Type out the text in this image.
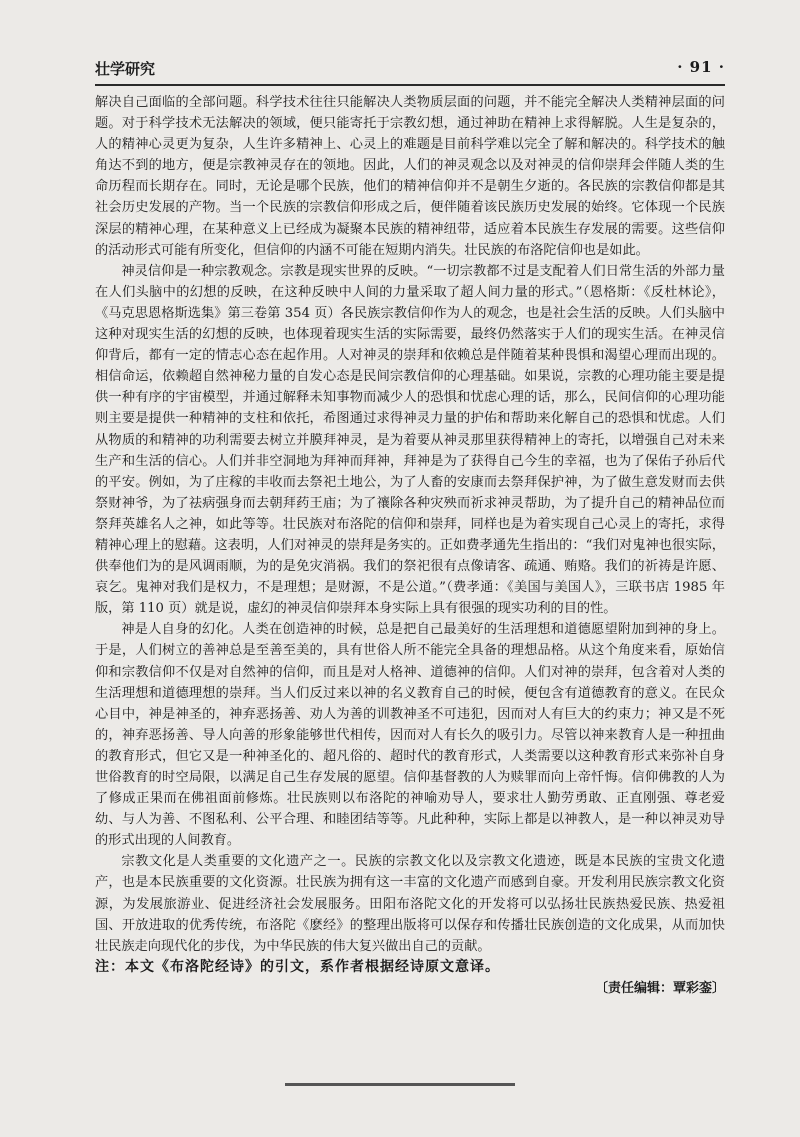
壮学研究	· 91 ·

解决自己面临的全部问题。科学技术往往只能解决人类物质层面的问题，并不能完全解决人类精神层面的问题。对于科学技术无法解决的领域，便只能寄托于宗教幻想，通过神助在精神上求得解脱。人生是复杂的，人的精神心灵更为复杂，人生许多精神上、心灵上的难题是目前科学难以完全了解和解决的。科学技术的触角达不到的地方，便是宗教神灵存在的领地。因此，人们的神灵观念以及对神灵的信仰崇拜会伴随人类的生命历程而长期存在。同时，无论是哪个民族，他们的精神信仰并不是朝生夕逝的。各民族的宗教信仰都是其社会历史发展的产物。当一个民族的宗教信仰形成之后，便伴随着该民族历史发展的始终。它体现一个民族深层的精神心理，在某种意义上已经成为凝聚本民族的精神纽带，适应着本民族生存发展的需要。这些信仰的活动形式可能有所变化，但信仰的内涵不可能在短期内消失。壮民族的布洛陀信仰也是如此。

神灵信仰是一种宗教观念。宗教是现实世界的反映。“一切宗教都不过是支配着人们日常生活的外部力量在人们头脑中的幻想的反映，在这种反映中人间的力量采取了超人间力量的形式。”（恩格斯：《反杜林论》，《马克思恩格斯选集》第三卷第 354 页）各民族宗教信仰作为人的观念，也是社会生活的反映。人们头脑中这种对现实生活的幻想的反映，也体现着现实生活的实际需要，最终仍然落实于人们的现实生活。在神灵信仰背后，都有一定的情志心态在起作用。人对神灵的崇拜和依赖总是伴随着某种畏惧和渴望心理而出现的。相信命运，依赖超自然神秘力量的自发心态是民间宗教信仰的心理基础。如果说，宗教的心理功能主要是提供一种有序的宇宙模型，并通过解释未知事物而减少人的恐惧和忧虑心理的话，那么，民间信仰的心理功能则主要是提供一种精神的支柱和依托，希图通过求得神灵力量的护佑和帮助来化解自己的恐惧和忧虑。人们从物质的和精神的功利需要去树立并膜拜神灵，是为着要从神灵那里获得精神上的寄托，以增强自己对未来生产和生活的信心。人们并非空洞地为拜神而拜神，拜神是为了获得自己今生的幸福，也为了保佑子孙后代的平安。例如，为了庄稼的丰收而去祭祀土地公，为了人畜的安康而去祭拜保护神，为了做生意发财而去供祭财神爷，为了祛病强身而去朝拜药王庙；为了禳除各种灾殃而祈求神灵帮助，为了提升自己的精神品位而祭拜英雄名人之神，如此等等。壮民族对布洛陀的信仰和崇拜，同样也是为着实现自己心灵上的寄托，求得精神心理上的慰藉。这表明，人们对神灵的崇拜是务实的。正如费孝通先生指出的：“我们对鬼神也很实际，供奉他们为的是风调雨顺，为的是免灾消祸。我们的祭祀很有点像请客、疏通、贿赂。我们的祈祷是许愿、哀乞。鬼神对我们是权力，不是理想；是财源，不是公道。”（费孝通：《美国与美国人》，三联书店 1985 年版，第 110 页）就是说，虚幻的神灵信仰崇拜本身实际上具有很强的现实功利的目的性。

神是人自身的幻化。人类在创造神的时候，总是把自己最美好的生活理想和道德愿望附加到神的身上。于是，人们树立的善神总是至善至美的，具有世俗人所不能完全具备的理想品格。从这个角度来看，原始信仰和宗教信仰不仅是对自然神的信仰，而且是对人格神、道德神的信仰。人们对神的崇拜，包含着对人类的生活理想和道德理想的崇拜。当人们反过来以神的名义教育自己的时候，便包含有道德教育的意义。在民众心目中，神是神圣的，神弃恶扬善、劝人为善的训教神圣不可违犯，因而对人有巨大的约束力；神又是不死的，神弃恶扬善、导人向善的形象能够世代相传，因而对人有长久的吸引力。尽管以神来教育人是一种扭曲的教育形式，但它又是一种神圣化的、超凡俗的、超时代的教育形式，人类需要以这种教育形式来弥补自身世俗教育的时空局限，以满足自己生存发展的愿望。信仰基督教的人为赎罪而向上帝忏悔。信仰佛教的人为了修成正果而在佛祖面前修炼。壮民族则以布洛陀的神喻劝导人，要求壮人勤劳勇敢、正直刚强、尊老爱幼、与人为善、不图私利、公平合理、和睦团结等等。凡此种种，实际上都是以神教人，是一种以神灵劝导的形式出现的人间教育。

宗教文化是人类重要的文化遗产之一。民族的宗教文化以及宗教文化遗迹，既是本民族的宝贵文化遗产，也是本民族重要的文化资源。壮民族为拥有这一丰富的文化遗产而感到自豪。开发利用民族宗教文化资源，为发展旅游业、促进经济社会发展服务。田阳布洛陀文化的开发将可以弘扬壮民族热爱民族、热爱祖国、开放进取的优秀传统，布洛陀《麽经》的整理出版将可以保存和传播壮民族创造的文化成果，从而加快壮民族走向现代化的步伐，为中华民族的伟大复兴做出自己的贡献。

注：本文《布洛陀经诗》的引文，系作者根据经诗原文意译。

〔责任编辑：覃彩銮〕
